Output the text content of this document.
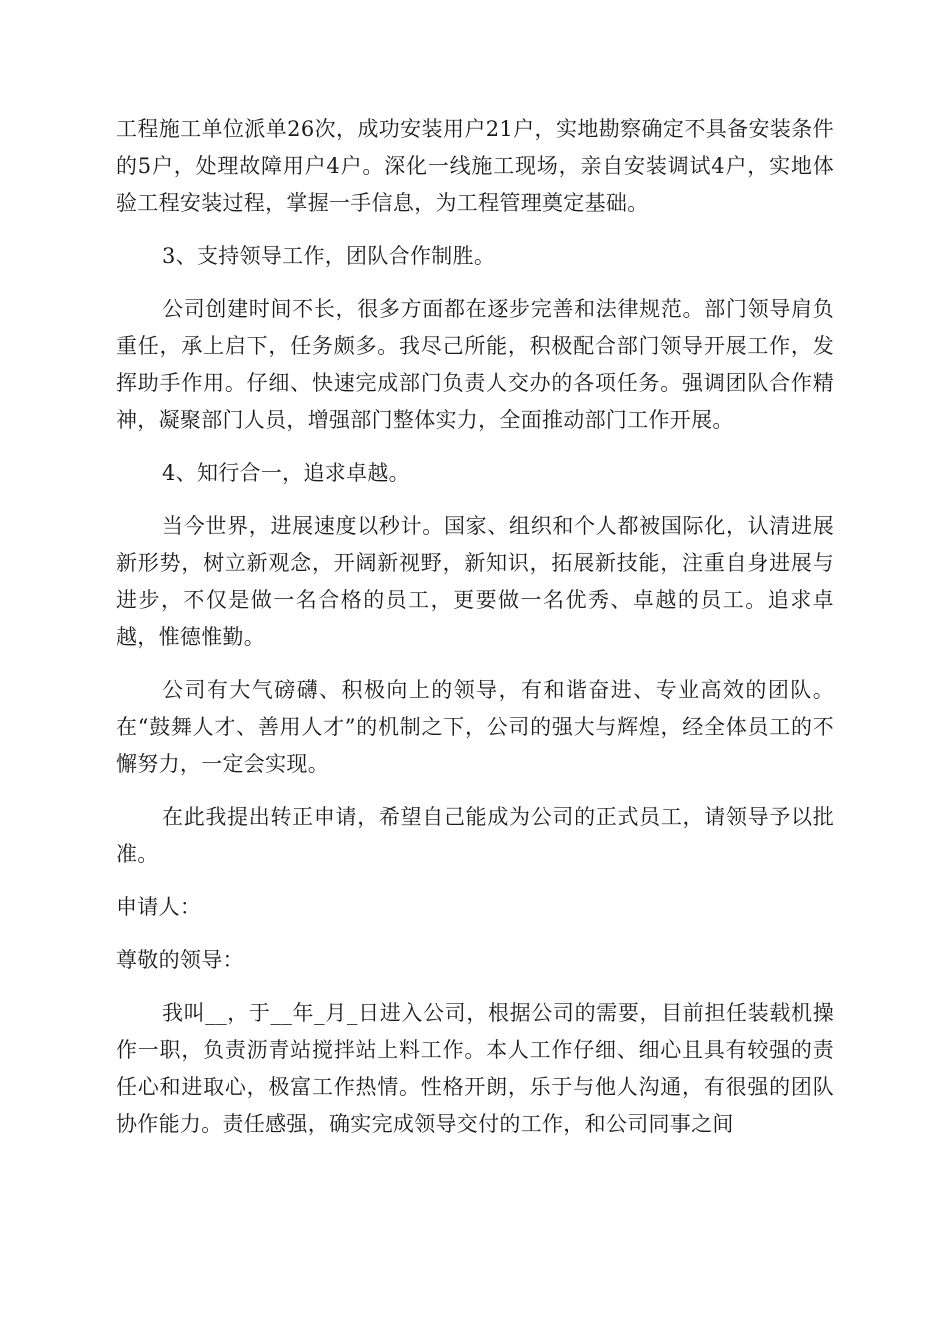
工程施工单位派单26次，成功安装用户21户，实地勘察确定不具备安装条件的5户，处理故障用户4户。深化一线施工现场，亲自安装调试4户，实地体验工程安装过程，掌握一手信息，为工程管理奠定基础。

3、支持领导工作，团队合作制胜。

公司创建时间不长，很多方面都在逐步完善和法律规范。部门领导肩负重任，承上启下，任务颇多。我尽己所能，积极配合部门领导开展工作，发挥助手作用。仔细、快速完成部门负责人交办的各项任务。强调团队合作精神，凝聚部门人员，增强部门整体实力，全面推动部门工作开展。

4、知行合一，追求卓越。

当今世界，进展速度以秒计。国家、组织和个人都被国际化，认清进展新形势，树立新观念，开阔新视野，新知识，拓展新技能，注重自身进展与进步，不仅是做一名合格的员工，更要做一名优秀、卓越的员工。追求卓越，惟德惟勤。

公司有大气磅礴、积极向上的领导，有和谐奋进、专业高效的团队。在“鼓舞人才、善用人才”的机制之下，公司的强大与辉煌，经全体员工的不懈努力，一定会实现。

在此我提出转正申请，希望自己能成为公司的正式员工，请领导予以批准。

申请人：

尊敬的领导：

我叫__，于__年_月_日进入公司，根据公司的需要，目前担任装载机操作一职，负责沥青站搅拌站上料工作。本人工作仔细、细心且具有较强的责任心和进取心，极富工作热情。性格开朗，乐于与他人沟通，有很强的团队协作能力。责任感强，确实完成领导交付的工作，和公司同事之间
